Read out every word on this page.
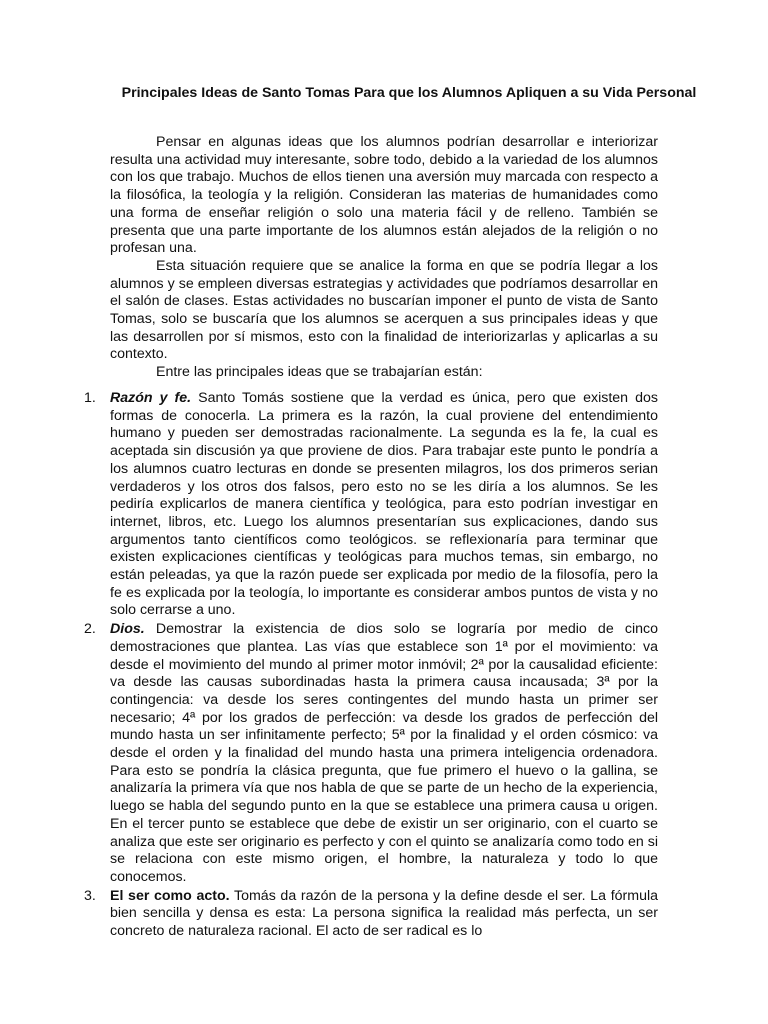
Principales Ideas de Santo Tomas Para que los Alumnos Apliquen a su Vida Personal

Pensar en algunas ideas que los alumnos podrían desarrollar e interiorizar resulta una actividad muy interesante, sobre todo, debido a la variedad de los alumnos con los que trabajo. Muchos de ellos tienen una aversión muy marcada con respecto a la filosófica, la teología y la religión. Consideran las materias de humanidades como una forma de enseñar religión o solo una materia fácil y de relleno. También se presenta que una parte importante de los alumnos están alejados de la religión o no profesan una.

Esta situación requiere que se analice la forma en que se podría llegar a los alumnos y se empleen diversas estrategias y actividades que podríamos desarrollar en el salón de clases. Estas actividades no buscarían imponer el punto de vista de Santo Tomas, solo se buscaría que los alumnos se acerquen a sus principales ideas y que las desarrollen por sí mismos, esto con la finalidad de interiorizarlas y aplicarlas a su contexto.

Entre las principales ideas que se trabajarían están:

1. Razón y fe. Santo Tomás sostiene que la verdad es única, pero que existen dos formas de conocerla. La primera es la razón, la cual proviene del entendimiento humano y pueden ser demostradas racionalmente. La segunda es la fe, la cual es aceptada sin discusión ya que proviene de dios. Para trabajar este punto le pondría a los alumnos cuatro lecturas en donde se presenten milagros, los dos primeros serian verdaderos y los otros dos falsos, pero esto no se les diría a los alumnos. Se les pediría explicarlos de manera científica y teológica, para esto podrían investigar en internet, libros, etc. Luego los alumnos presentarían sus explicaciones, dando sus argumentos tanto científicos como teológicos. se reflexionaría para terminar que existen explicaciones científicas y teológicas para muchos temas, sin embargo, no están peleadas, ya que la razón puede ser explicada por medio de la filosofía, pero la fe es explicada por la teología, lo importante es considerar ambos puntos de vista y no solo cerrarse a uno.
2. Dios. Demostrar la existencia de dios solo se lograría por medio de cinco demostraciones que plantea. Las vías que establece son 1ª por el movimiento: va desde el movimiento del mundo al primer motor inmóvil; 2ª por la causalidad eficiente: va desde las causas subordinadas hasta la primera causa incausada; 3ª por la contingencia: va desde los seres contingentes del mundo hasta un primer ser necesario; 4ª por los grados de perfección: va desde los grados de perfección del mundo hasta un ser infinitamente perfecto; 5ª por la finalidad y el orden cósmico: va desde el orden y la finalidad del mundo hasta una primera inteligencia ordenadora. Para esto se pondría la clásica pregunta, que fue primero el huevo o la gallina, se analizaría la primera vía que nos habla de que se parte de un hecho de la experiencia, luego se habla del segundo punto en la que se establece una primera causa u origen. En el tercer punto se establece que debe de existir un ser originario, con el cuarto se analiza que este ser originario es perfecto y con el quinto se analizaría como todo en si se relaciona con este mismo origen, el hombre, la naturaleza y todo lo que conocemos.
3. El ser como acto. Tomás da razón de la persona y la define desde el ser. La fórmula bien sencilla y densa es esta: La persona significa la realidad más perfecta, un ser concreto de naturaleza racional. El acto de ser radical es lo
